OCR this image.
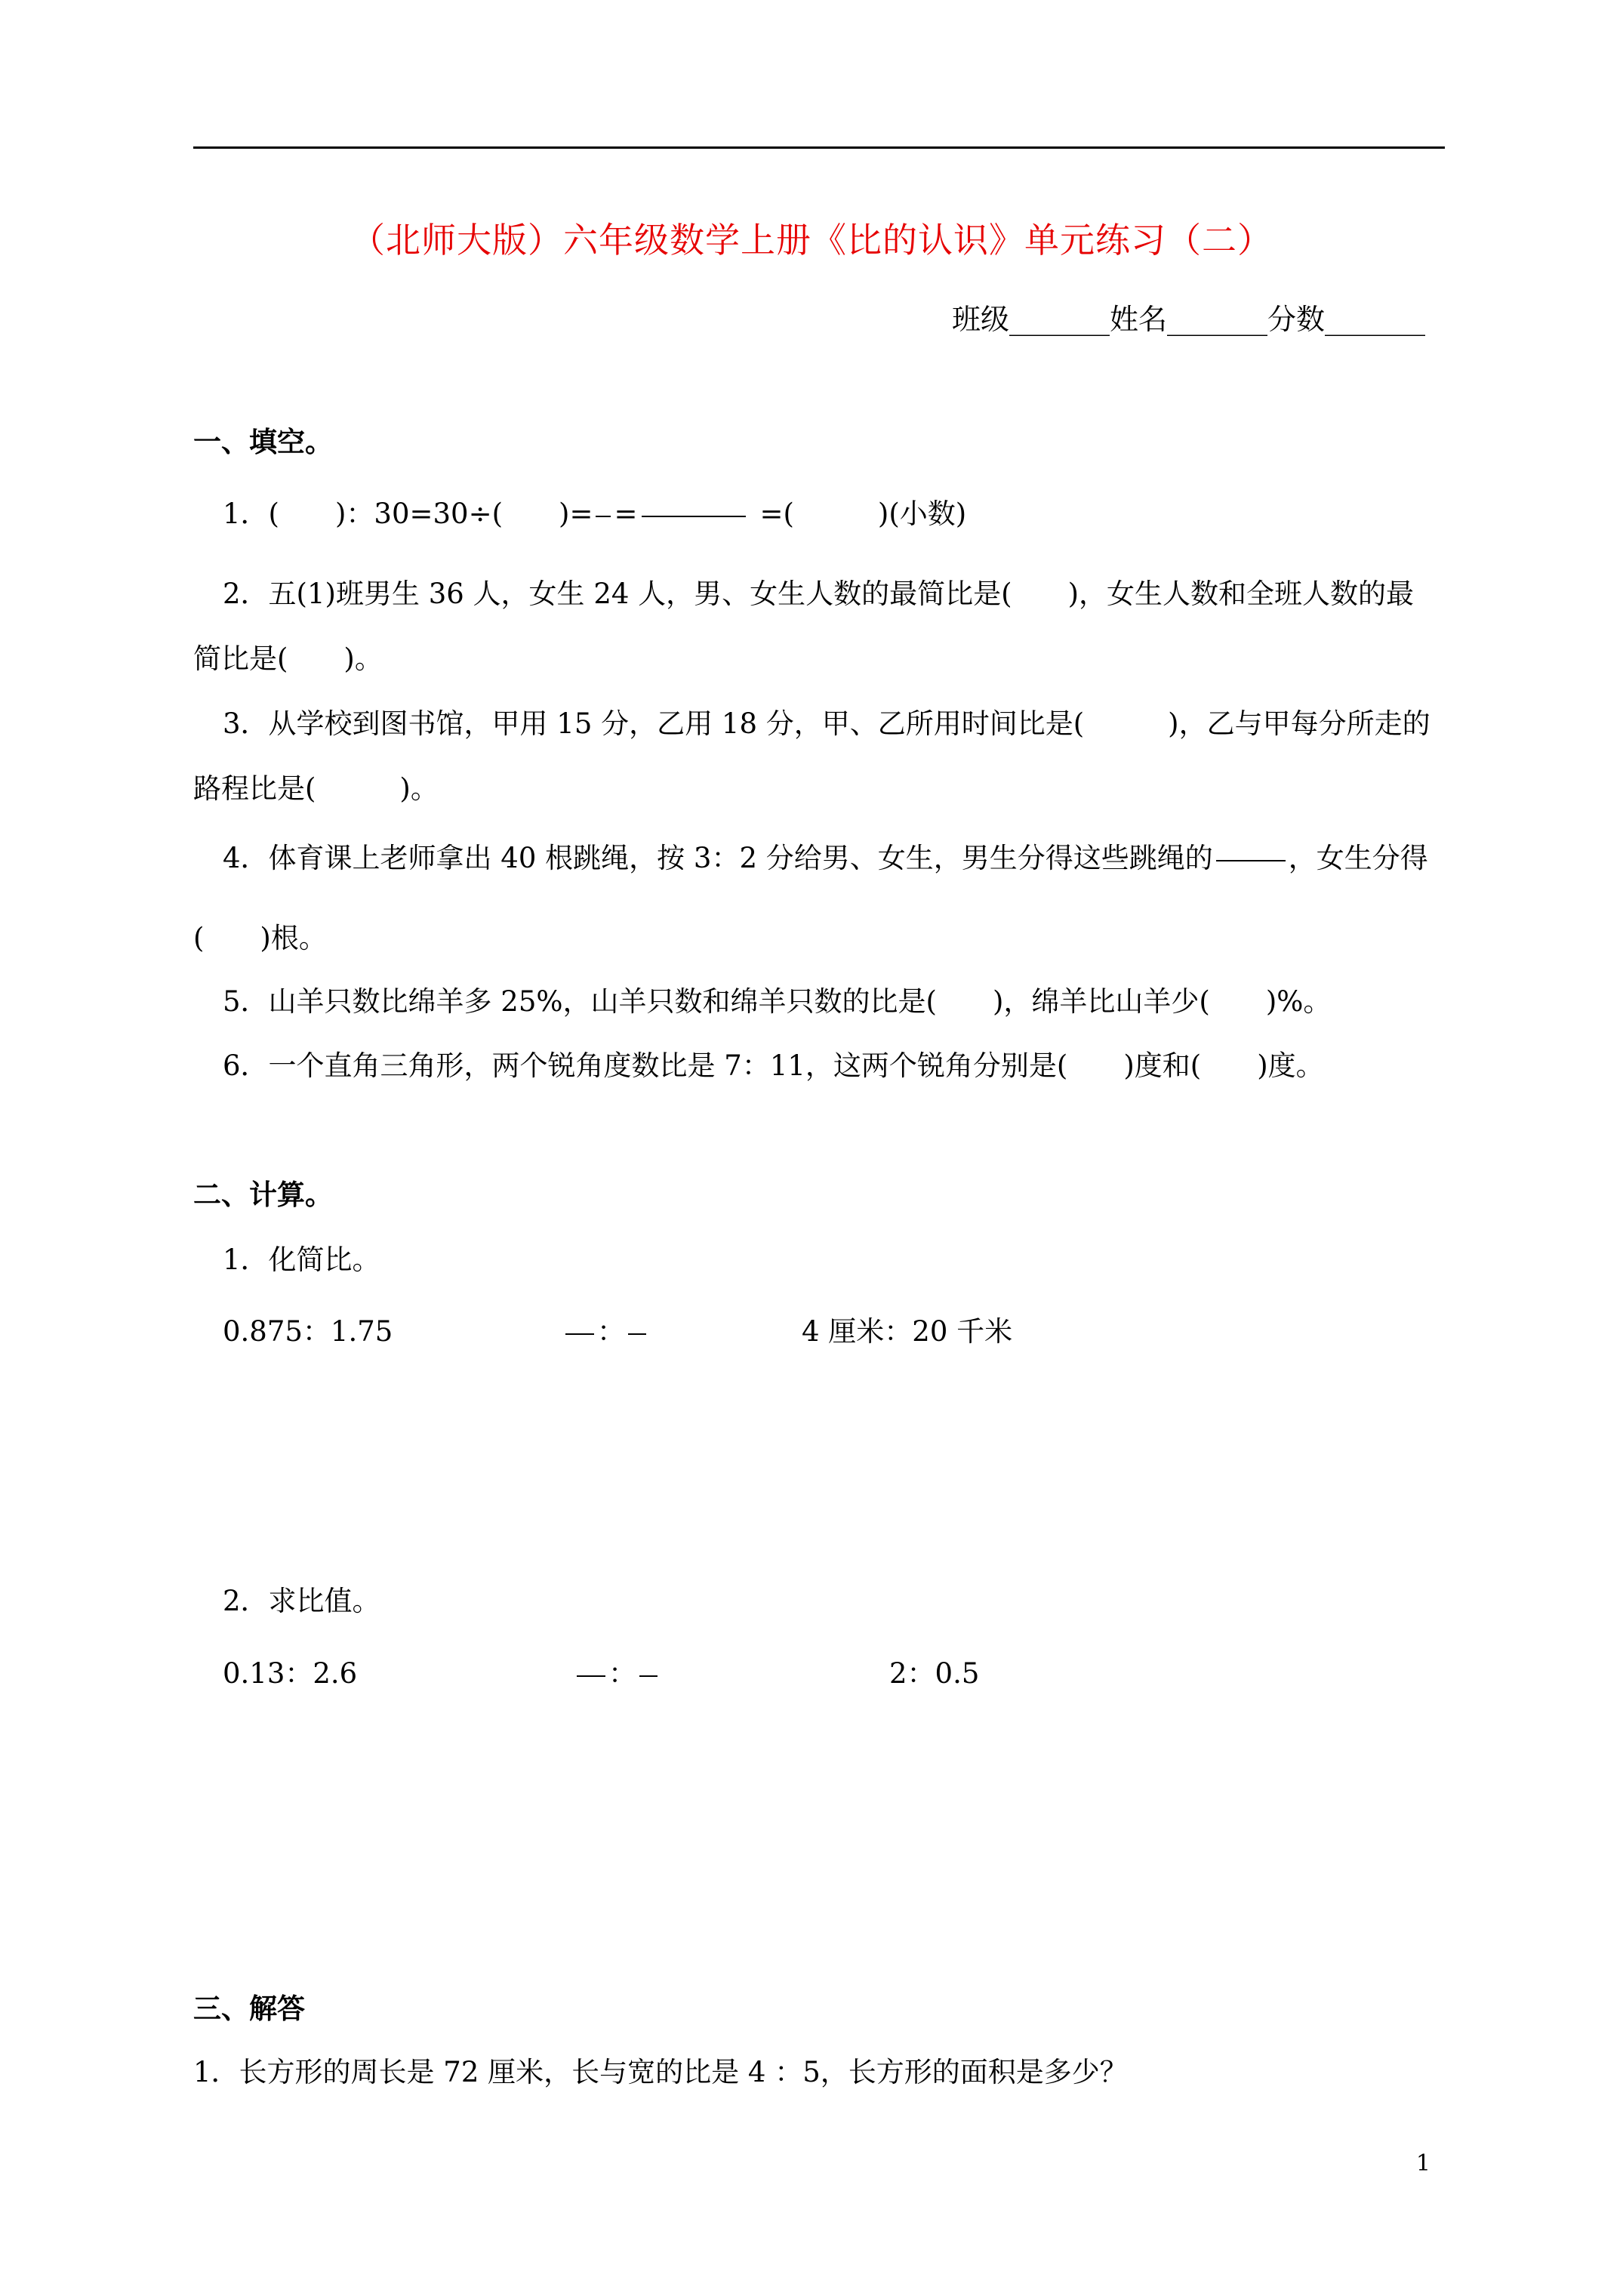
（北师大版）六年级数学上册《比的认识》单元练习（二）
班级_______姓名_______分数_______
一、填空。
1．(　　)：30=30÷(　　)= =	=(　　　)(小数)
2．五(1)班男生 36 人，女生 24 人，男、女生人数的最简比是(　　)，女生人数和全班人数的最
简比是(　　)。
3．从学校到图书馆，甲用 15 分，乙用 18 分，甲、乙所用时间比是(　　　)，乙与甲每分所走的
路程比是(　　　)。
4．体育课上老师拿出 40 根跳绳，按 3：2 分给男、女生，男生分得这些跳绳的	，女生分得
(　　)根。
5．山羊只数比绵羊多 25%，山羊只数和绵羊只数的比是(　　)，绵羊比山羊少(　　)%。
6．一个直角三角形，两个锐角度数比是 7：11，这两个锐角分别是(　　)度和(　　)度。
二、计算。
1．化简比。
0.875：1.75	：	4 厘米：20 千米
2．求比值。
0.13：2.6	：	2：0.5
三、解答
1．长方形的周长是 72 厘米，长与宽的比是 4 ：5，长方形的面积是多少？
1
